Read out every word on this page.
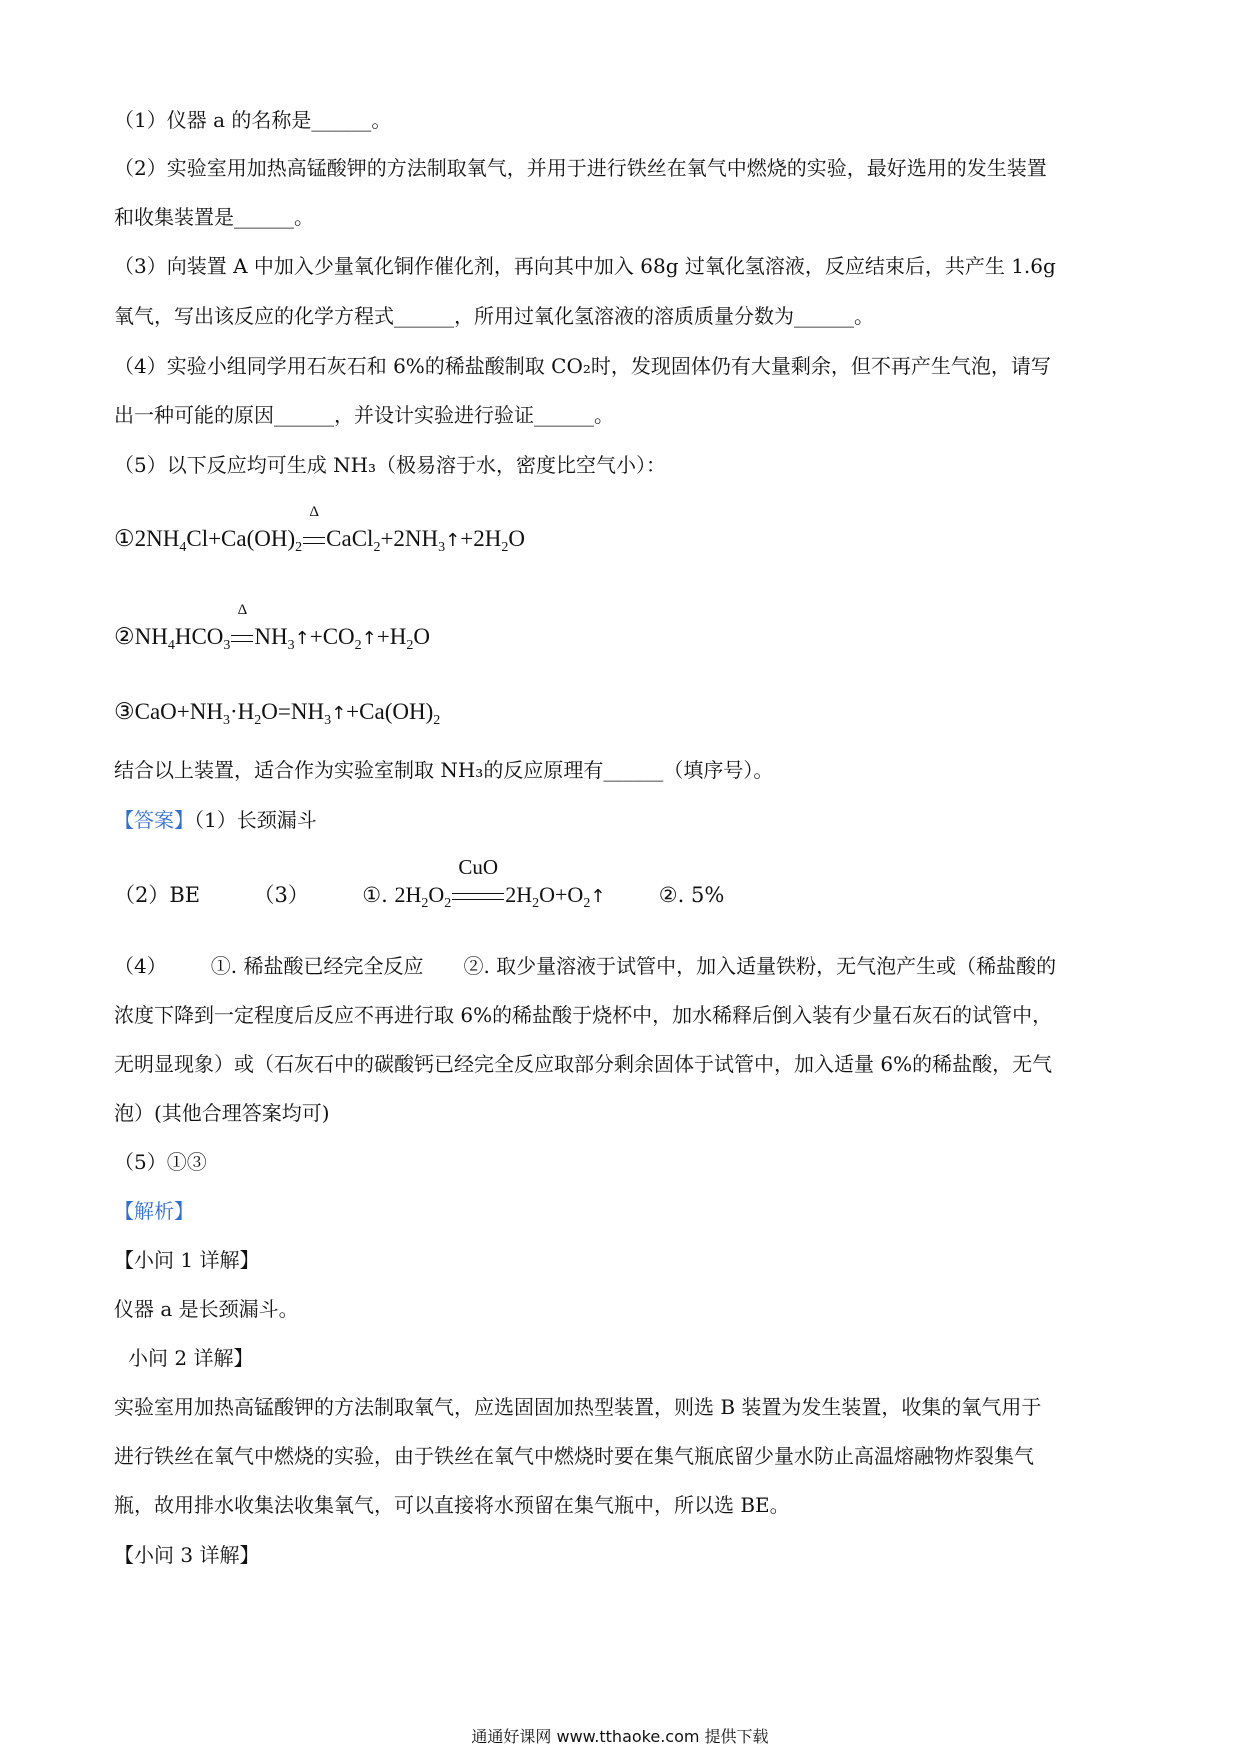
（1）仪器 a 的名称是______。
（2）实验室用加热高锰酸钾的方法制取氧气，并用于进行铁丝在氧气中燃烧的实验，最好选用的发生装置
和收集装置是______。
（3）向装置 A 中加入少量氧化铜作催化剂，再向其中加入 68g 过氧化氢溶液，反应结束后，共产生 1.6g
氧气，写出该反应的化学方程式______，所用过氧化氢溶液的溶质质量分数为______。
（4）实验小组同学用石灰石和 6%的稀盐酸制取 CO₂时，发现固体仍有大量剩余，但不再产生气泡，请写
出一种可能的原因______，并设计实验进行验证______。
（5）以下反应均可生成 NH₃（极易溶于水，密度比空气小）：
$①2NH_4Cl+Ca(OH)_2$
Δ
$CaCl_2+2NH_3↑+2H_2O$
$②NH_4HCO_3$
Δ
$NH_3↑+CO_2↑+H_2O$
$③CaO+NH_3\cdot H_2O=NH_3↑+Ca(OH)_2$
结合以上装置，适合作为实验室制取 NH₃的反应原理有______（填序号）。
【答案】（1）长颈漏斗
（2）BE	（3）	①. $2H_2O_2$
CuO
$2H_2O+O_2↑$	②. 5%
（4） ①. 稀盐酸已经完全反应 ②. 取少量溶液于试管中，加入适量铁粉，无气泡产生或（稀盐酸的
浓度下降到一定程度后反应不再进行取 6%的稀盐酸于烧杯中，加水稀释后倒入装有少量石灰石的试管中，
无明显现象）或（石灰石中的碳酸钙已经完全反应取部分剩余固体于试管中，加入适量 6%的稀盐酸，无气
泡）(其他合理答案均可)
（5）①③
【解析】
【小问 1 详解】
仪器 a 是长颈漏斗。
小问 2 详解】
实验室用加热高锰酸钾的方法制取氧气，应选固固加热型装置，则选 B 装置为发生装置，收集的氧气用于
进行铁丝在氧气中燃烧的实验，由于铁丝在氧气中燃烧时要在集气瓶底留少量水防止高温熔融物炸裂集气
瓶，故用排水收集法收集氧气，可以直接将水预留在集气瓶中，所以选 BE。
【小问 3 详解】
通通好课网 www.tthaoke.com 提供下载
